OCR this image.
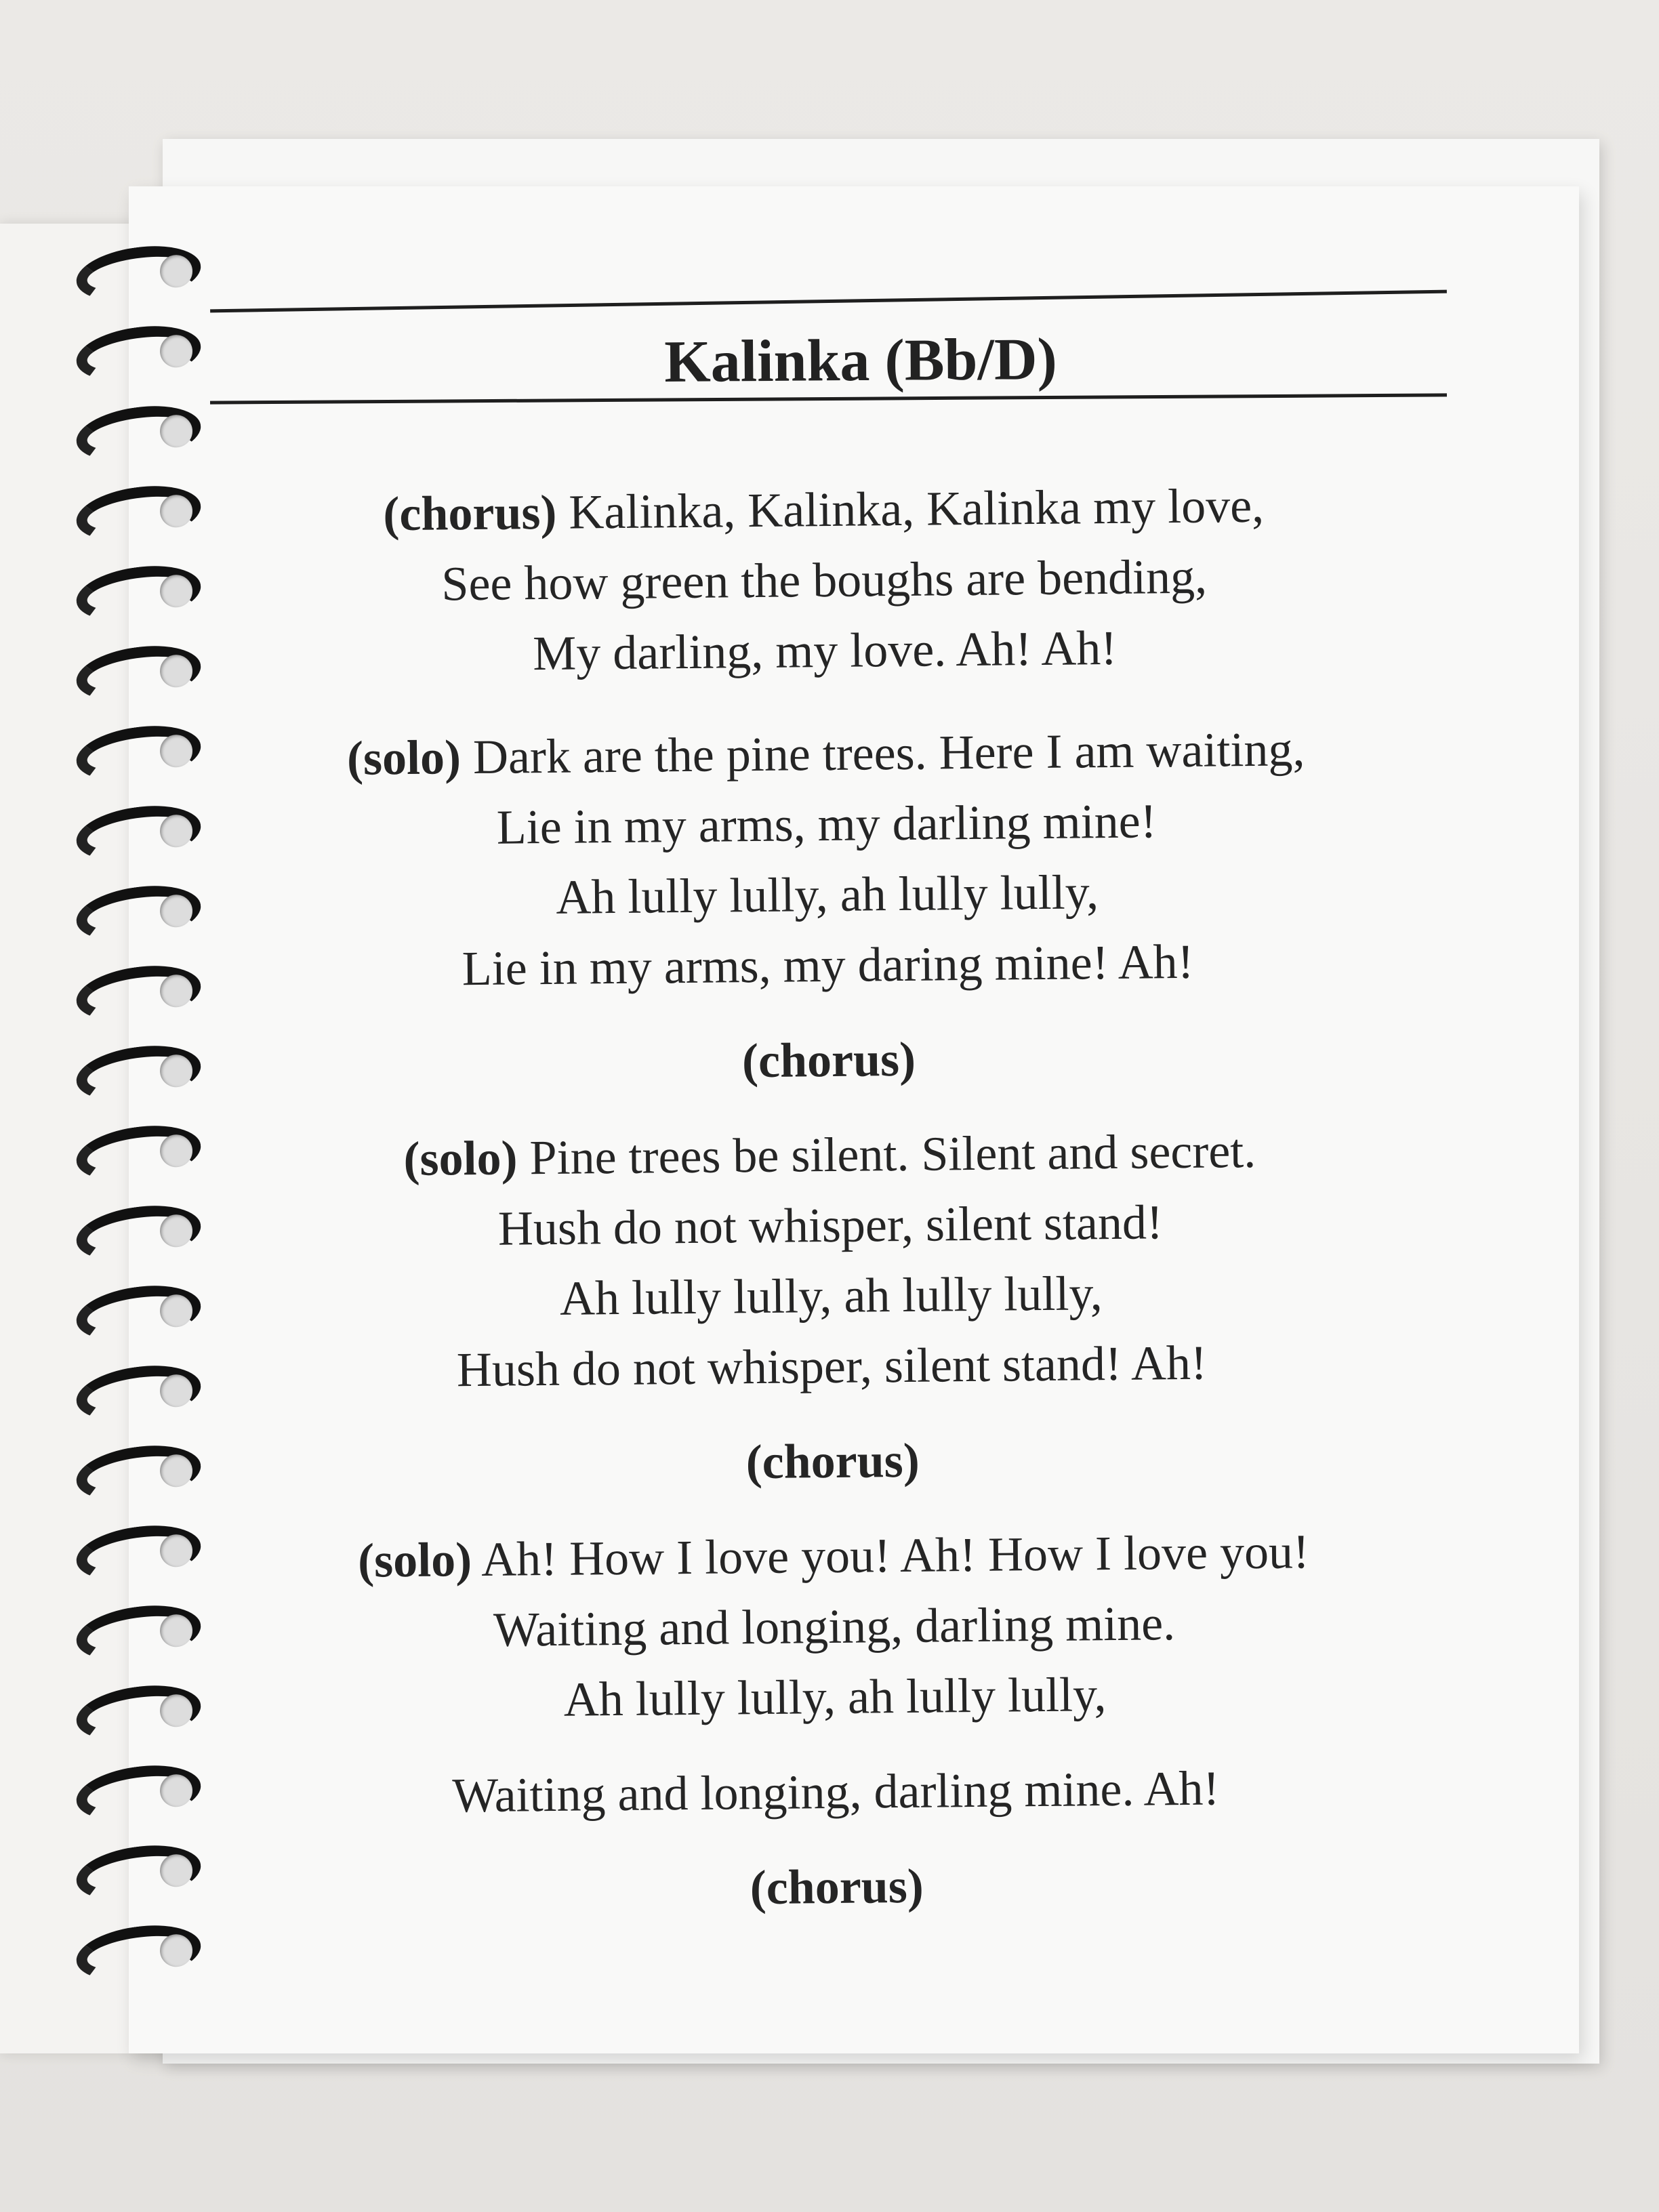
Kalinka (Bb/D)
(chorus) Kalinka, Kalinka, Kalinka my love,
See how green the boughs are bending,
My darling, my love. Ah! Ah!
(solo) Dark are the pine trees. Here I am waiting,
Lie in my arms, my darling mine!
Ah lully lully, ah lully lully,
Lie in my arms, my daring mine! Ah!
(chorus)
(solo) Pine trees be silent. Silent and secret.
Hush do not whisper, silent stand!
Ah lully lully, ah lully lully,
Hush do not whisper, silent stand! Ah!
(chorus)
(solo) Ah! How I love you! Ah! How I love you!
Waiting and longing, darling mine.
Ah lully lully, ah lully lully,
Waiting and longing, darling mine. Ah!
(chorus)
